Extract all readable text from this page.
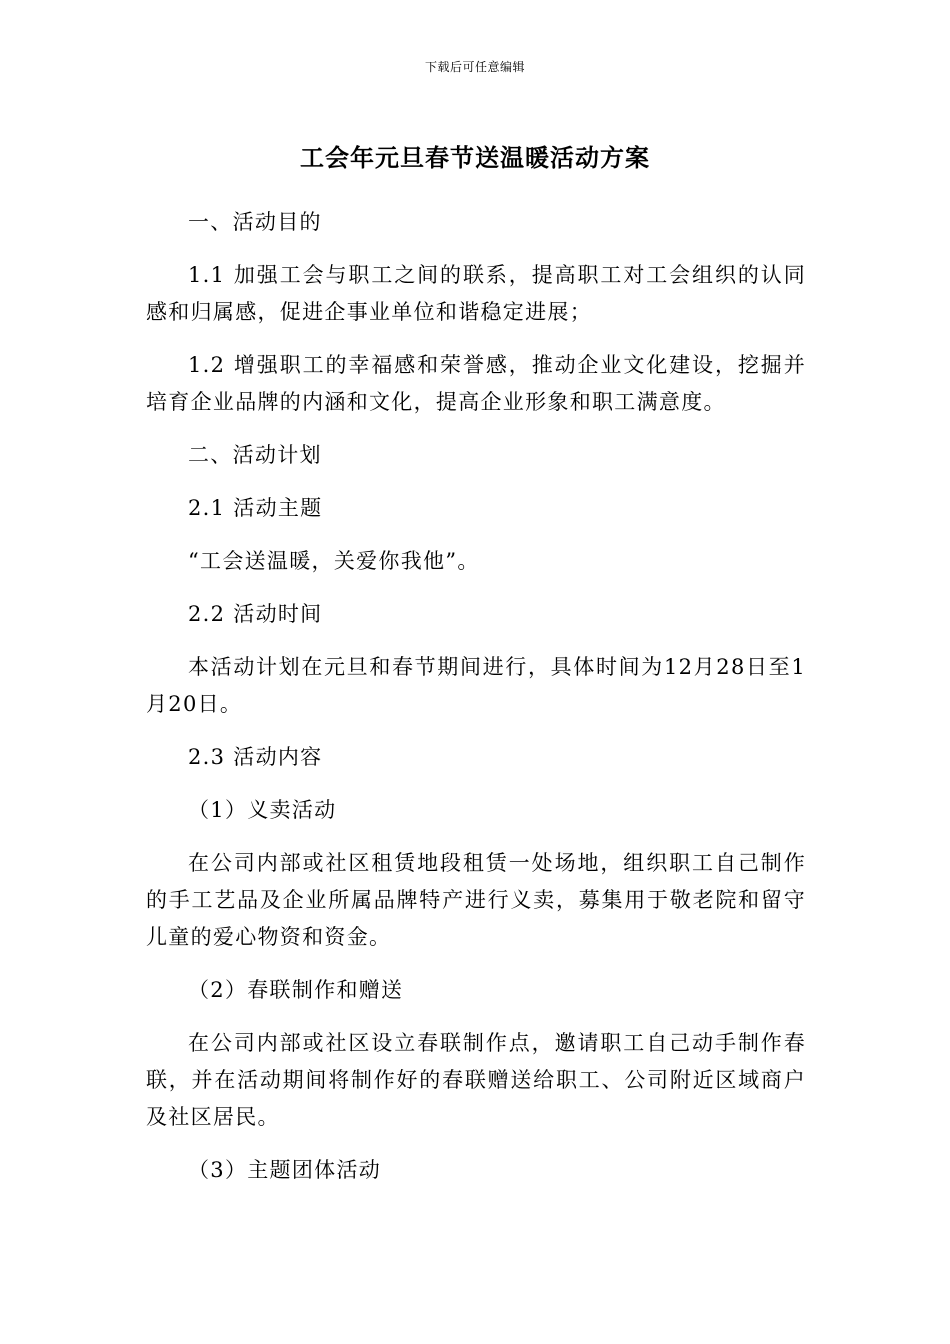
下载后可任意编辑
工会年元旦春节送温暖活动方案

一、活动目的

1.1 加强工会与职工之间的联系，提高职工对工会组织的认同感和归属感，促进企事业单位和谐稳定进展；

1.2 增强职工的幸福感和荣誉感，推动企业文化建设，挖掘并培育企业品牌的内涵和文化，提高企业形象和职工满意度。

二、活动计划

2.1 活动主题

“工会送温暖，关爱你我他”。

2.2 活动时间

本活动计划在元旦和春节期间进行，具体时间为12月28日至1月20日。

2.3 活动内容

（1）义卖活动

在公司内部或社区租赁地段租赁一处场地，组织职工自己制作的手工艺品及企业所属品牌特产进行义卖，募集用于敬老院和留守儿童的爱心物资和资金。

（2）春联制作和赠送

在公司内部或社区设立春联制作点，邀请职工自己动手制作春联，并在活动期间将制作好的春联赠送给职工、公司附近区域商户及社区居民。

（3）主题团体活动
